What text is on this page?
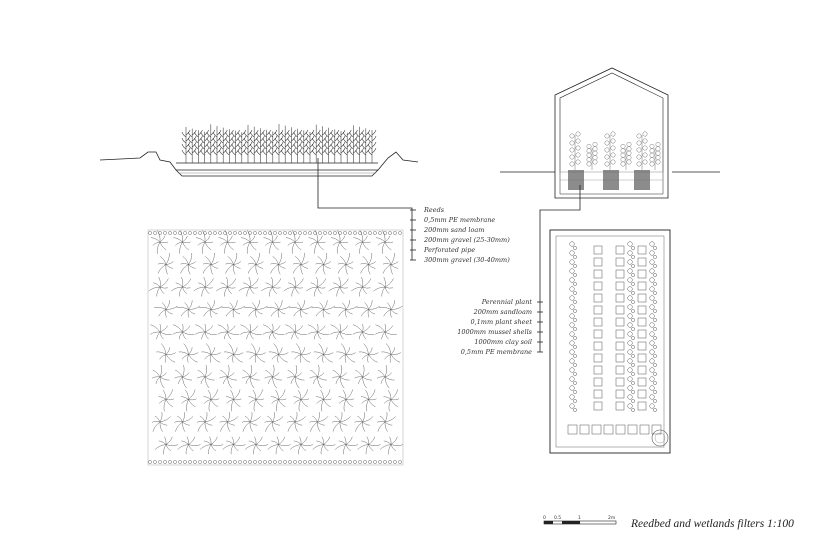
Reeds
0,5mm PE membrane
200mm sand loam
200mm gravel (25-30mm)
Perforated pipe
300mm gravel (30-40mm)
Perennial plant
200mm sandloam
0,1mm plant sheet
1000mm mussel shells
1000mm clay soil
0,5mm PE membrane
0 0.5	1	2m Reedbed and wetlands filters 1:100
